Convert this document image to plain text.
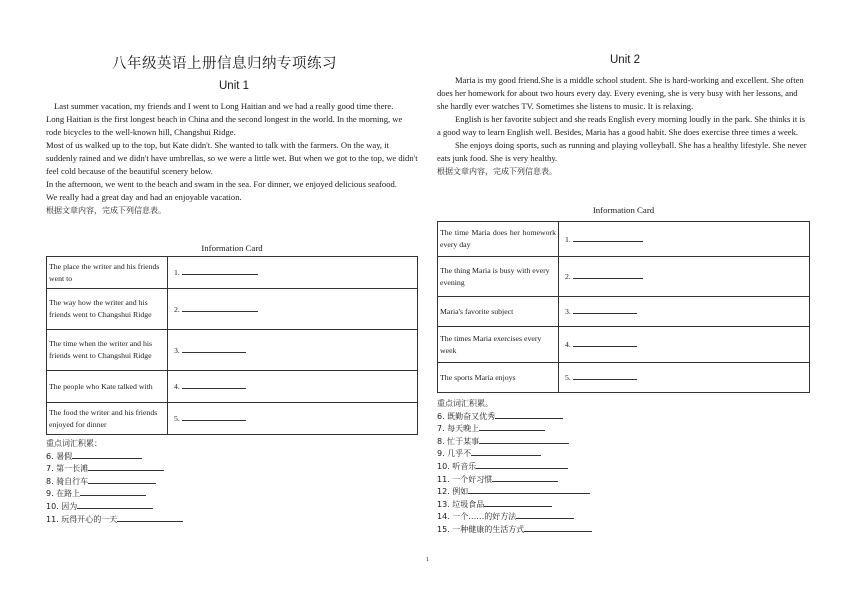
八年级英语上册信息归纳专项练习
Unit 1
Unit 2

Last summer vacation, my friends and I went to Long Haitian and we had a really good time there.

Long Haitian is the first longest beach in China and the second longest in the world. In the morning, we rode bicycles to the well-known hill, Changshui Ridge.

Most of us walked up to the top, but Kate didn't. She wanted to talk with the farmers. On the way, it suddenly rained and we didn't have umbrellas, so we were a little wet. But when we got to the top, we didn't feel cold because of the beautiful scenery below.

In the afternoon, we went to the beach and swam in the sea. For dinner, we enjoyed delicious seafood.

We really had a great day and had an enjoyable vacation.

根据文章内容，完成下列信息表。

Information Card
The place the writer and his friends went to	1.
The way how the writer and his friends went to Changshui Ridge	2.
The time when the writer and his friends went to Changshui Ridge	3.
The people who Kate talked with	4.
The food the writer and his friends enjoyed for dinner	5.
重点词汇积累：
6. 暑假
7. 第一长滩
8. 骑自行车
9. 在路上
10. 因为
11. 玩得开心的一天

Maria is my good friend.She is a middle school student. She is hard-working and excellent. She often does her homework for about two hours every day. Every evening, she is very busy with her lessons, and she hardly ever watches TV. Sometimes she listens to music. It is relaxing.

English is her favorite subject and she reads English every morning loudly in the park. She thinks it is a good way to learn English well. Besides, Maria has a good habit. She does exercise three times a week.

She enjoys doing sports, such as running and playing volleyball. She has a healthy lifestyle. She never eats junk food. She is very healthy.

根据文章内容，完成下列信息表。

Information Card
The time Maria does her homework every day	1.
The thing Maria is busy with every evening	2.
Maria's favorite subject	3.
The times Maria exercises every week	4.
The sports Maria enjoys	5.
重点词汇积累。
6. 既勤奋又优秀
7. 每天晚上
8. 忙于某事
9. 几乎不
10. 听音乐
11. 一个好习惯
12. 例如
13. 垃圾食品
14. 一个……的好方法
15. 一种健康的生活方式
1
